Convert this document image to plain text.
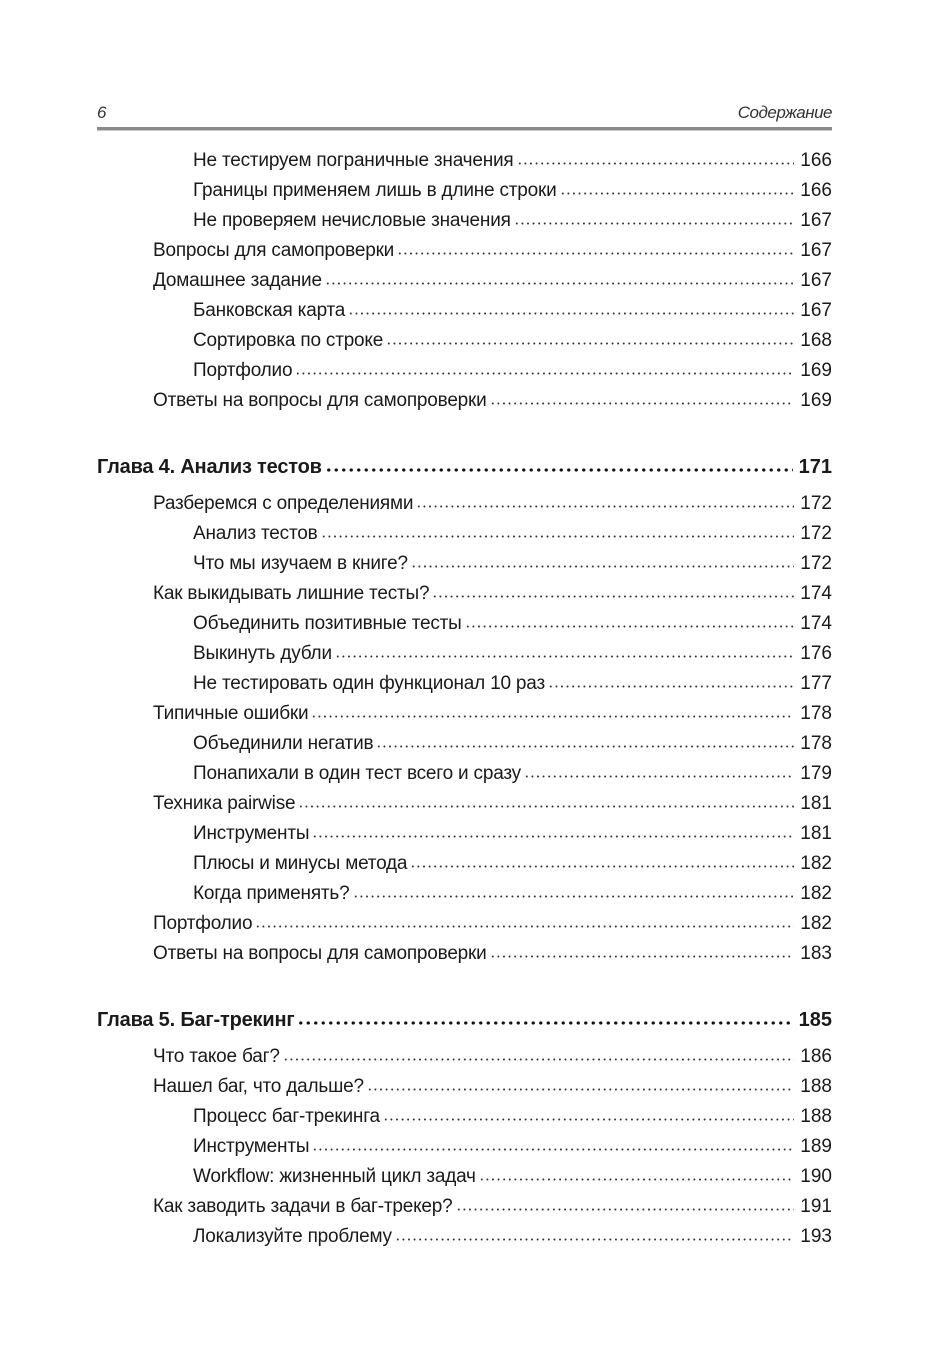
6	Содержание
Не тестируем пограничные значения	166
Границы применяем лишь в длине строки	166
Не проверяем нечисловые значения	167
Вопросы для самопроверки	167
Домашнее задание	167
Банковская карта	167
Сортировка по строке	168
Портфолио	169
Ответы на вопросы для самопроверки	169
Глава 4. Анализ тестов	171
Разберемся с определениями	172
Анализ тестов	172
Что мы изучаем в книге?	172
Как выкидывать лишние тесты?	174
Объединить позитивные тесты	174
Выкинуть дубли	176
Не тестировать один функционал 10 раз	177
Типичные ошибки	178
Объединили негатив	178
Понапихали в один тест всего и сразу	179
Техника pairwise	181
Инструменты	181
Плюсы и минусы метода	182
Когда применять?	182
Портфолио	182
Ответы на вопросы для самопроверки	183
Глава 5. Баг-трекинг	185
Что такое баг?	186
Нашел баг, что дальше?	188
Процесс баг-трекинга	188
Инструменты	189
Workflow: жизненный цикл задач	190
Как заводить задачи в баг-трекер?	191
Локализуйте проблему	193
